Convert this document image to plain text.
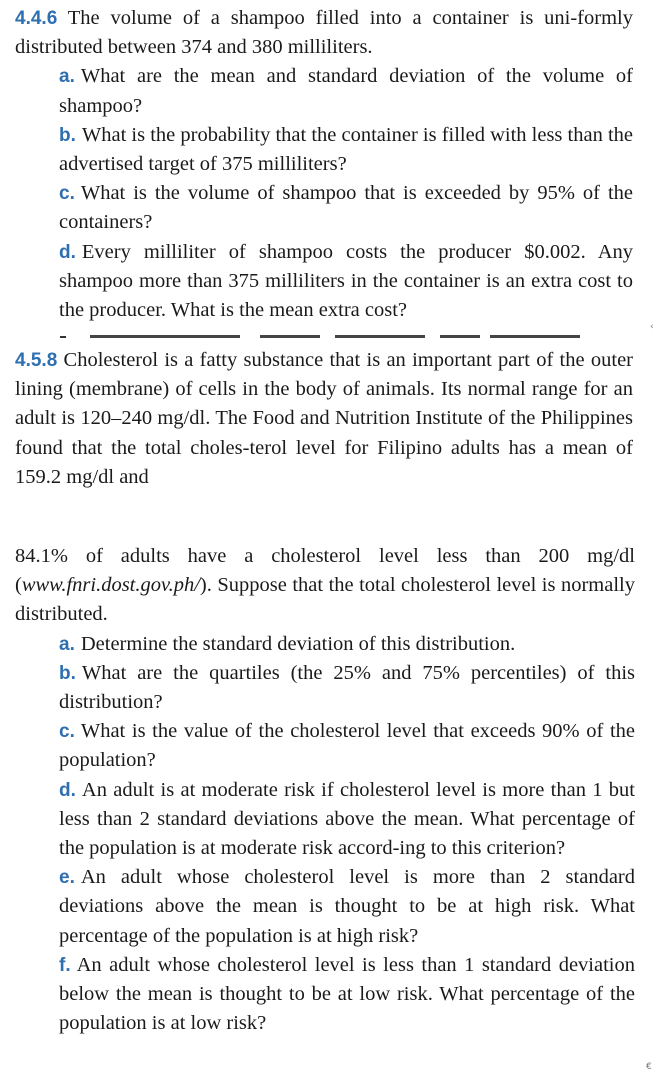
4.4.6 The volume of a shampoo filled into a container is uni-formly distributed between 374 and 380 milliliters.
a. What are the mean and standard deviation of the volume of shampoo?
b. What is the probability that the container is filled with less than the advertised target of 375 milliliters?
c. What is the volume of shampoo that is exceeded by 95% of the containers?
d. Every milliliter of shampoo costs the producer $0.002. Any shampoo more than 375 milliliters in the container is an extra cost to the producer. What is the mean extra cost?
‹
4.5.8 Cholesterol is a fatty substance that is an important part of the outer lining (membrane) of cells in the body of animals. Its normal range for an adult is 120–240 mg/dl. The Food and Nutrition Institute of the Philippines found that the total choles-terol level for Filipino adults has a mean of 159.2 mg/dl and
84.1% of adults have a cholesterol level less than 200 mg/dl (www.fnri.dost.gov.ph/). Suppose that the total cholesterol level is normally distributed.
a. Determine the standard deviation of this distribution.
b. What are the quartiles (the 25% and 75% percentiles) of this distribution?
c. What is the value of the cholesterol level that exceeds 90% of the population?
d. An adult is at moderate risk if cholesterol level is more than 1 but less than 2 standard deviations above the mean. What percentage of the population is at moderate risk accord-ing to this criterion?
e. An adult whose cholesterol level is more than 2 standard deviations above the mean is thought to be at high risk. What percentage of the population is at high risk?
f. An adult whose cholesterol level is less than 1 standard deviation below the mean is thought to be at low risk. What percentage of the population is at low risk?
€
